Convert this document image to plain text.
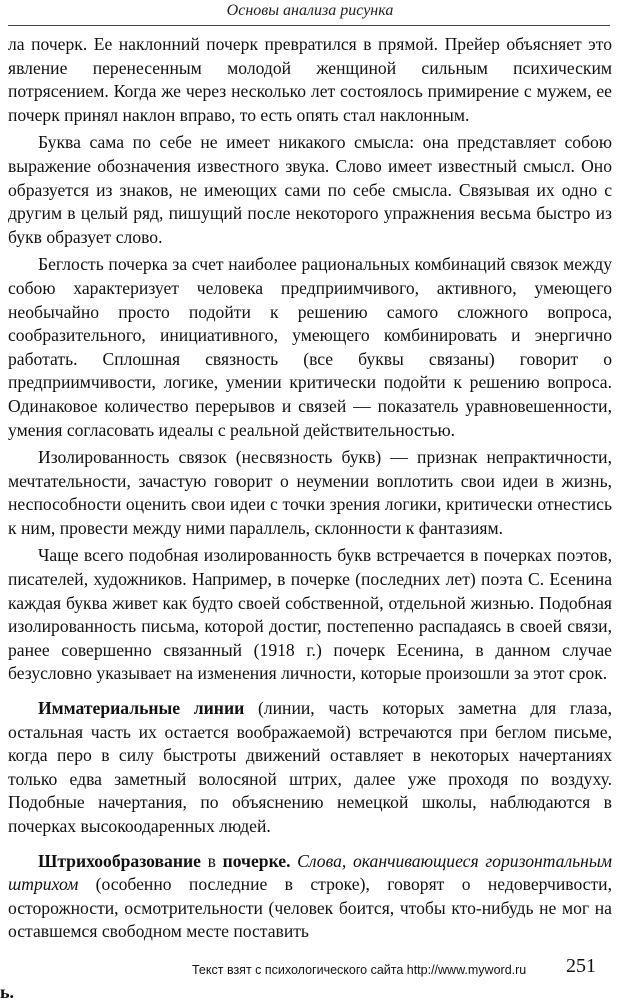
Основы анализа рисунка

ла почерк. Ее наклонний почерк превратился в прямой. Прейер объясняет это явление перенесенным молодой женщиной сильным психическим потрясением. Когда же через несколько лет состоялось примирение с мужем, ее почерк принял наклон вправо, то есть опять стал наклонным.

Буква сама по себе не имеет никакого смысла: она представляет собою выражение обозначения известного звука. Слово имеет известный смысл. Оно образуется из знаков, не имеющих сами по себе смысла. Связывая их одно с другим в целый ряд, пишущий после некоторого упражнения весьма быстро из букв образует слово.

Беглость почерка за счет наиболее рациональных комбинаций связок между собою характеризует человека предприимчивого, активного, умеющего необычайно просто подойти к решению самого сложного вопроса, сообразительного, инициативного, умеющего комбинировать и энергично работать. Сплошная связность (все буквы связаны) говорит о предприимчивости, логике, умении критически подойти к решению вопроса. Одинаковое количество перерывов и связей — показатель уравновешенности, умения согласовать идеалы с реальной действительностью.

Изолированность связок (несвязность букв) — признак непрактичности, мечтательности, зачастую говорит о неумении воплотить свои идеи в жизнь, неспособности оценить свои идеи с точки зрения логики, критически отнестись к ним, провести между ними параллель, склонности к фантазиям.

Чаще всего подобная изолированность букв встречается в почерках поэтов, писателей, художников. Например, в почерке (последних лет) поэта С. Есенина каждая буква живет как будто своей собственной, отдельной жизнью. Подобная изолированность письма, которой достиг, постепенно распадаясь в своей связи, ранее совершенно связанный (1918 г.) почерк Есенина, в данном случае безусловно указывает на изменения личности, которые произошли за этот срок.

Имматериальные линии (линии, часть которых заметна для глаза, остальная часть их остается воображаемой) встречаются при беглом письме, когда перо в силу быстроты движений оставляет в некоторых начертаниях только едва заметный волосяной штрих, далее уже проходя по воздуху. Подобные начертания, по объяснению немецкой школы, наблюдаются в почерках высокоодаренных людей.

Штрихообразование в почерке. Слова, оканчивающиеся горизонтальным штрихом (особенно последние в строке), говорят о недоверчивости, осторожности, осмотрительности (человек боится, чтобы кто-нибудь не мог на оставшемся свободном месте поставить

Текст взят с психологического сайта http://www.myword.ru 251
ь.
